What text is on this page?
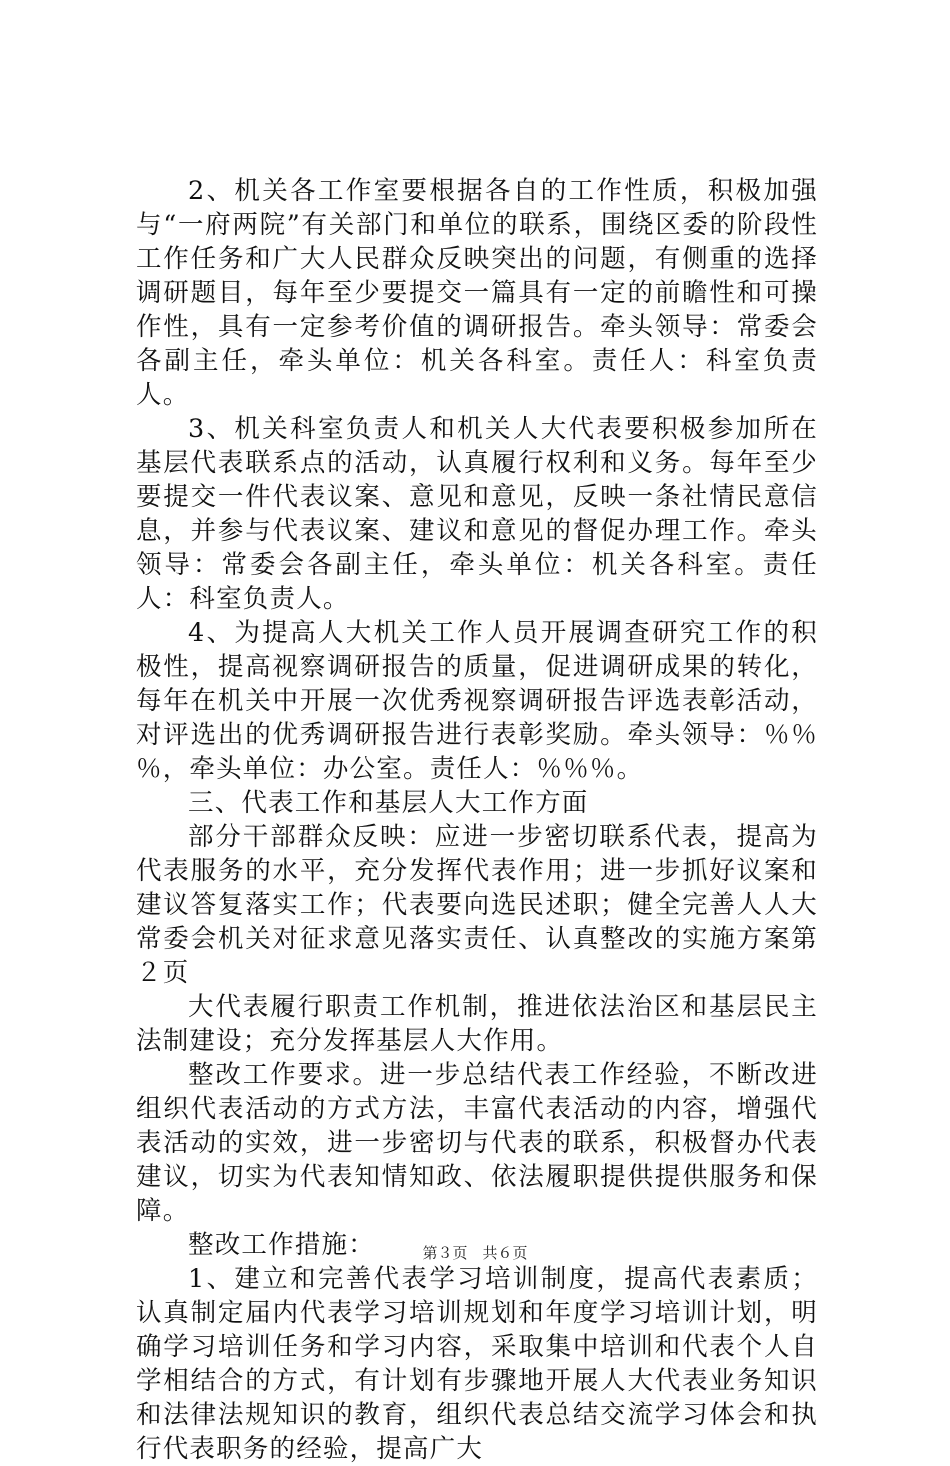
2、机关各工作室要根据各自的工作性质，积极加强与“一府两院”有关部门和单位的联系，围绕区委的阶段性工作任务和广大人民群众反映突出的问题，有侧重的选择调研题目，每年至少要提交一篇具有一定的前瞻性和可操作性，具有一定参考价值的调研报告。牵头领导：常委会各副主任，牵头单位：机关各科室。责任人：科室负责人。

3、机关科室负责人和机关人大代表要积极参加所在基层代表联系点的活动，认真履行权利和义务。每年至少要提交一件代表议案、意见和意见，反映一条社情民意信息，并参与代表议案、建议和意见的督促办理工作。牵头领导：常委会各副主任，牵头单位：机关各科室。责任人：科室负责人。

4、为提高人大机关工作人员开展调查研究工作的积极性，提高视察调研报告的质量，促进调研成果的转化，每年在机关中开展一次优秀视察调研报告评选表彰活动，对评选出的优秀调研报告进行表彰奖励。牵头领导：％％％，牵头单位：办公室。责任人：％％％。

三、代表工作和基层人大工作方面

部分干部群众反映：应进一步密切联系代表，提高为代表服务的水平，充分发挥代表作用；进一步抓好议案和建议答复落实工作；代表要向选民述职；健全完善人人大常委会机关对征求意见落实责任、认真整改的实施方案第２页

大代表履行职责工作机制，推进依法治区和基层民主法制建设；充分发挥基层人大作用。

整改工作要求。进一步总结代表工作经验，不断改进组织代表活动的方式方法，丰富代表活动的内容，增强代表活动的实效，进一步密切与代表的联系，积极督办代表建议，切实为代表知情知政、依法履职提供提供服务和保障。

整改工作措施：

1、建立和完善代表学习培训制度，提高代表素质；认真制定届内代表学习培训规划和年度学习培训计划，明确学习培训任务和学习内容，采取集中培训和代表个人自学相结合的方式，有计划有步骤地开展人大代表业务知识和法律法规知识的教育，组织代表总结交流学习体会和执行代表职务的经验，提高广大

第３页　共６页
